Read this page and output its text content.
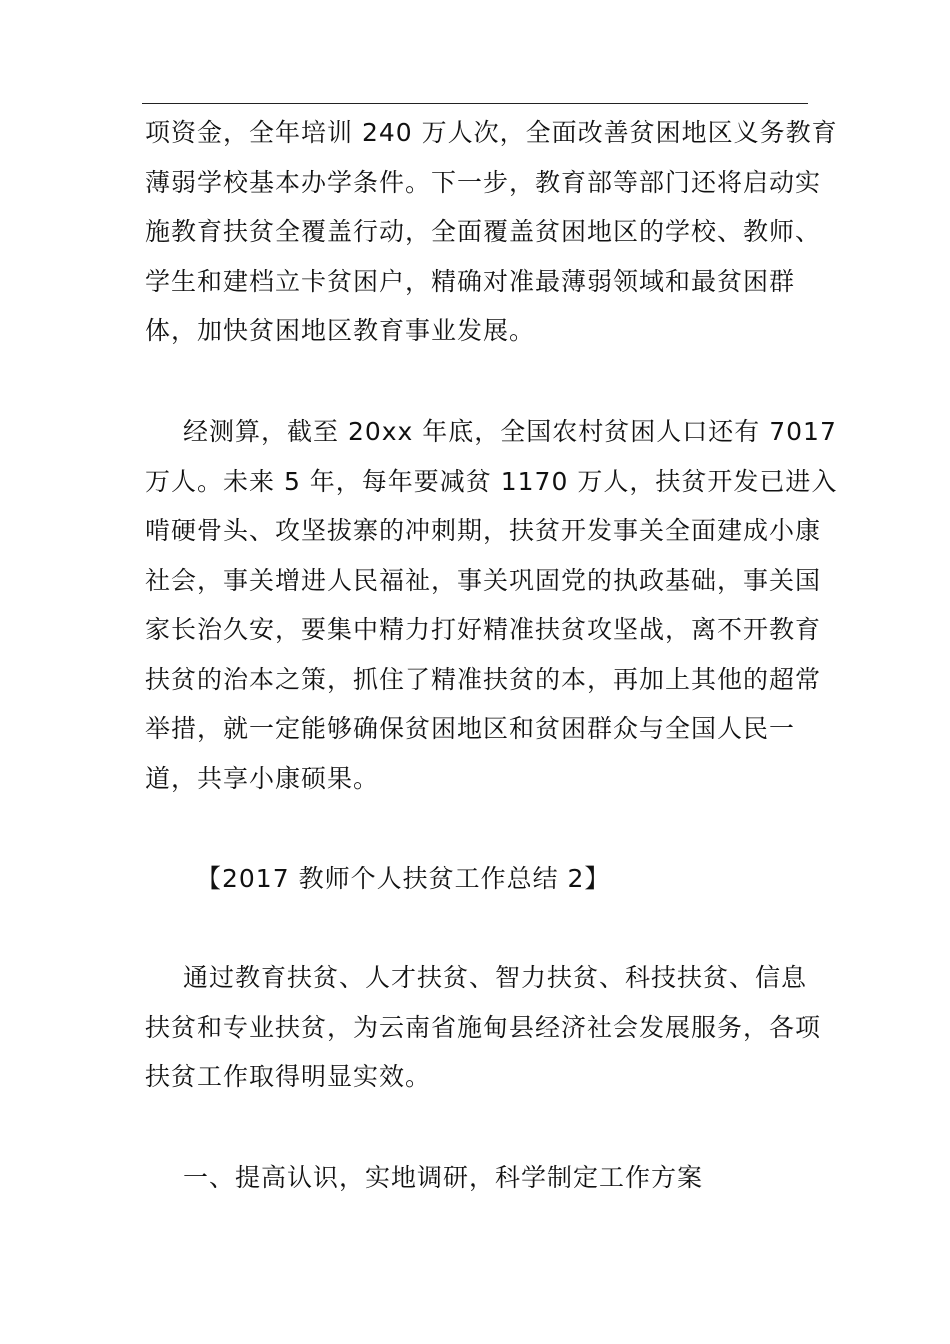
项资金，全年培训 240 万人次，全面改善贫困地区义务教育
薄弱学校基本办学条件。下一步，教育部等部门还将启动实
施教育扶贫全覆盖行动，全面覆盖贫困地区的学校、教师、
学生和建档立卡贫困户，精确对准最薄弱领域和最贫困群
体，加快贫困地区教育事业发展。
经测算，截至 20xx 年底，全国农村贫困人口还有 7017
万人。未来 5 年，每年要减贫 1170 万人，扶贫开发已进入
啃硬骨头、攻坚拔寨的冲刺期，扶贫开发事关全面建成小康
社会，事关增进人民福祉，事关巩固党的执政基础，事关国
家长治久安，要集中精力打好精准扶贫攻坚战，离不开教育
扶贫的治本之策，抓住了精准扶贫的本，再加上其他的超常
举措，就一定能够确保贫困地区和贫困群众与全国人民一
道，共享小康硕果。
【2017 教师个人扶贫工作总结 2】
通过教育扶贫、人才扶贫、智力扶贫、科技扶贫、信息
扶贫和专业扶贫，为云南省施甸县经济社会发展服务，各项
扶贫工作取得明显实效。
一、提高认识，实地调研，科学制定工作方案
